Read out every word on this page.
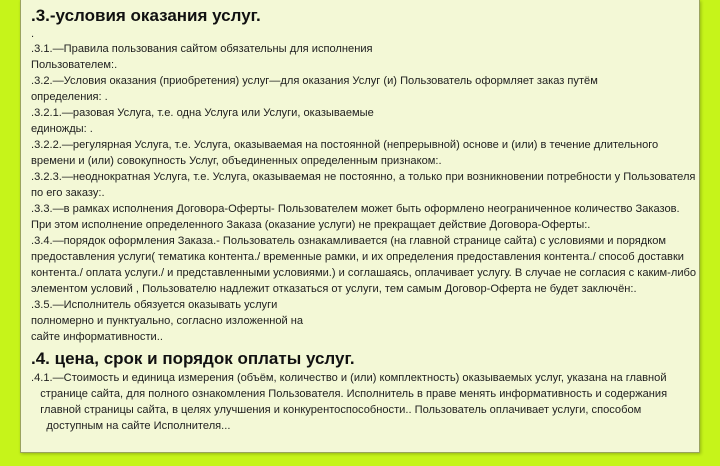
.3.-условия оказания услуг.

.

.3.1.—Правила пользования сайтом обязательны для исполнения

Пользователем:.

.3.2.—Условия оказания (приобретения) услуг—для оказания Услуг (и) Пользователь оформляет заказ путём

определения: .

.3.2.1.—разовая Услуга, т.е. одна Услуга или Услуги, оказываемые

единожды: .

.3.2.2.—регулярная Услуга, т.е. Услуга, оказываемая на постоянной (непрерывной) основе и (или) в течение длительного

времени и (или) совокупность Услуг, объединенных определенным признаком:.

.3.2.3.—неоднократная Услуга, т.е. Услуга, оказываемая не постоянно, а только при возникновении потребности у Пользователя

по его заказу:.

.3.3.—в рамках исполнения Договора-Оферты- Пользователем может быть оформлено неограниченное количество Заказов.

При этом исполнение определенного Заказа (оказание услуги) не прекращает действие Договора-Оферты:.

.3.4.—порядок оформления Заказа.- Пользователь ознакамливается (на главной странице сайта) с условиями и порядком

предоставления услуги( тематика контента./ временные рамки, и их определения предоставления контента./ способ доставки

контента./ оплата услуги./ и представленными условиями.) и соглашаясь, оплачивает услугу. В случае не согласия с каким-либо

элементом условий , Пользователю надлежит отказаться от услуги, тем самым Договор-Оферта не будет заключён:.

.3.5.—Исполнитель обязуется оказывать услуги

полномерно и пунктуально, согласно изложенной на

сайте информативности..

.4. цена, срок и порядок оплаты услуг.

.4.1.—Стоимость и единица измерения (объём, количество и (или) комплектность) оказываемых услуг, указана на главной

странице сайта, для полного ознакомления Пользователя. Исполнитель в праве менять информативность и содержания

главной страницы сайта, в целях улучшения и конкурентоспособности.. Пользователь оплачивает услуги, способом

доступным на сайте Исполнителя...
